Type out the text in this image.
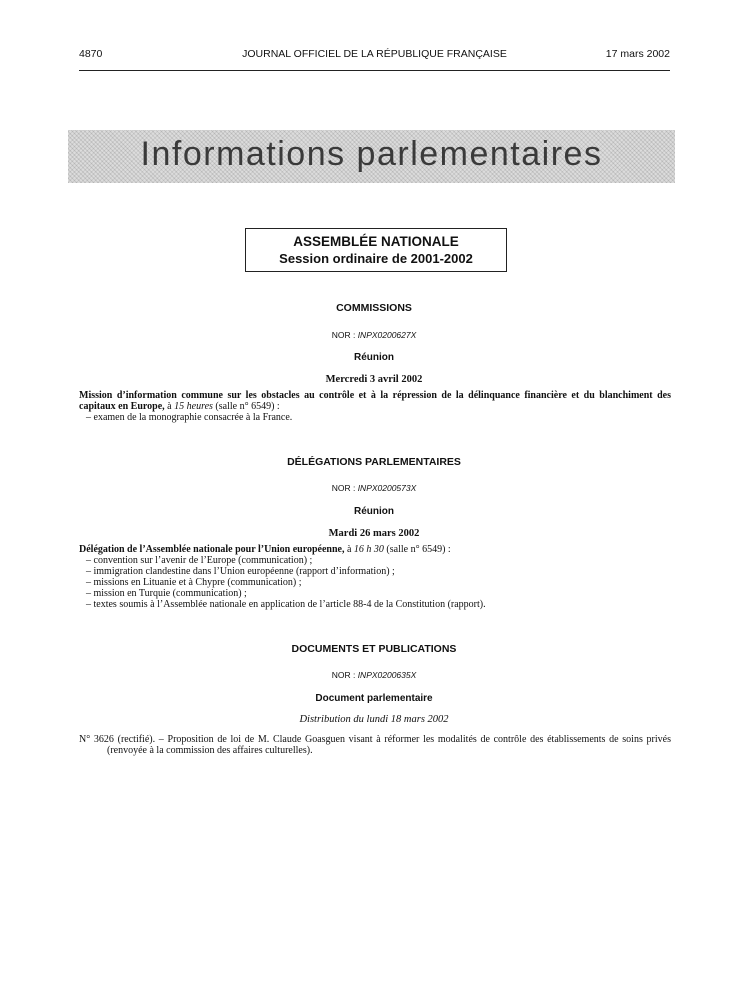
4870	JOURNAL OFFICIEL DE LA RÉPUBLIQUE FRANÇAISE	17 mars 2002
Informations parlementaires
ASSEMBLÉE NATIONALE
Session ordinaire de 2001-2002
COMMISSIONS
NOR : INPX0200627X
Réunion
Mercredi 3 avril 2002
Mission d’information commune sur les obstacles au contrôle et à la répression de la délinquance financière et du blanchiment des capitaux en Europe, à 15 heures (salle n° 6549) :
– examen de la monographie consacrée à la France.
DÉLÉGATIONS PARLEMENTAIRES
NOR : INPX0200573X
Réunion
Mardi 26 mars 2002
Délégation de l’Assemblée nationale pour l’Union européenne, à 16 h 30 (salle n° 6549) :
– convention sur l’avenir de l’Europe (communication) ;
– immigration clandestine dans l’Union européenne (rapport d’information) ;
– missions en Lituanie et à Chypre (communication) ;
– mission en Turquie (communication) ;
– textes soumis à l’Assemblée nationale en application de l’article 88-4 de la Constitution (rapport).
DOCUMENTS ET PUBLICATIONS
NOR : INPX0200635X
Document parlementaire
Distribution du lundi 18 mars 2002
N° 3626 (rectifié). – Proposition de loi de M. Claude Goasguen visant à réformer les modalités de contrôle des établissements de soins privés (renvoyée à la commission des affaires culturelles).
